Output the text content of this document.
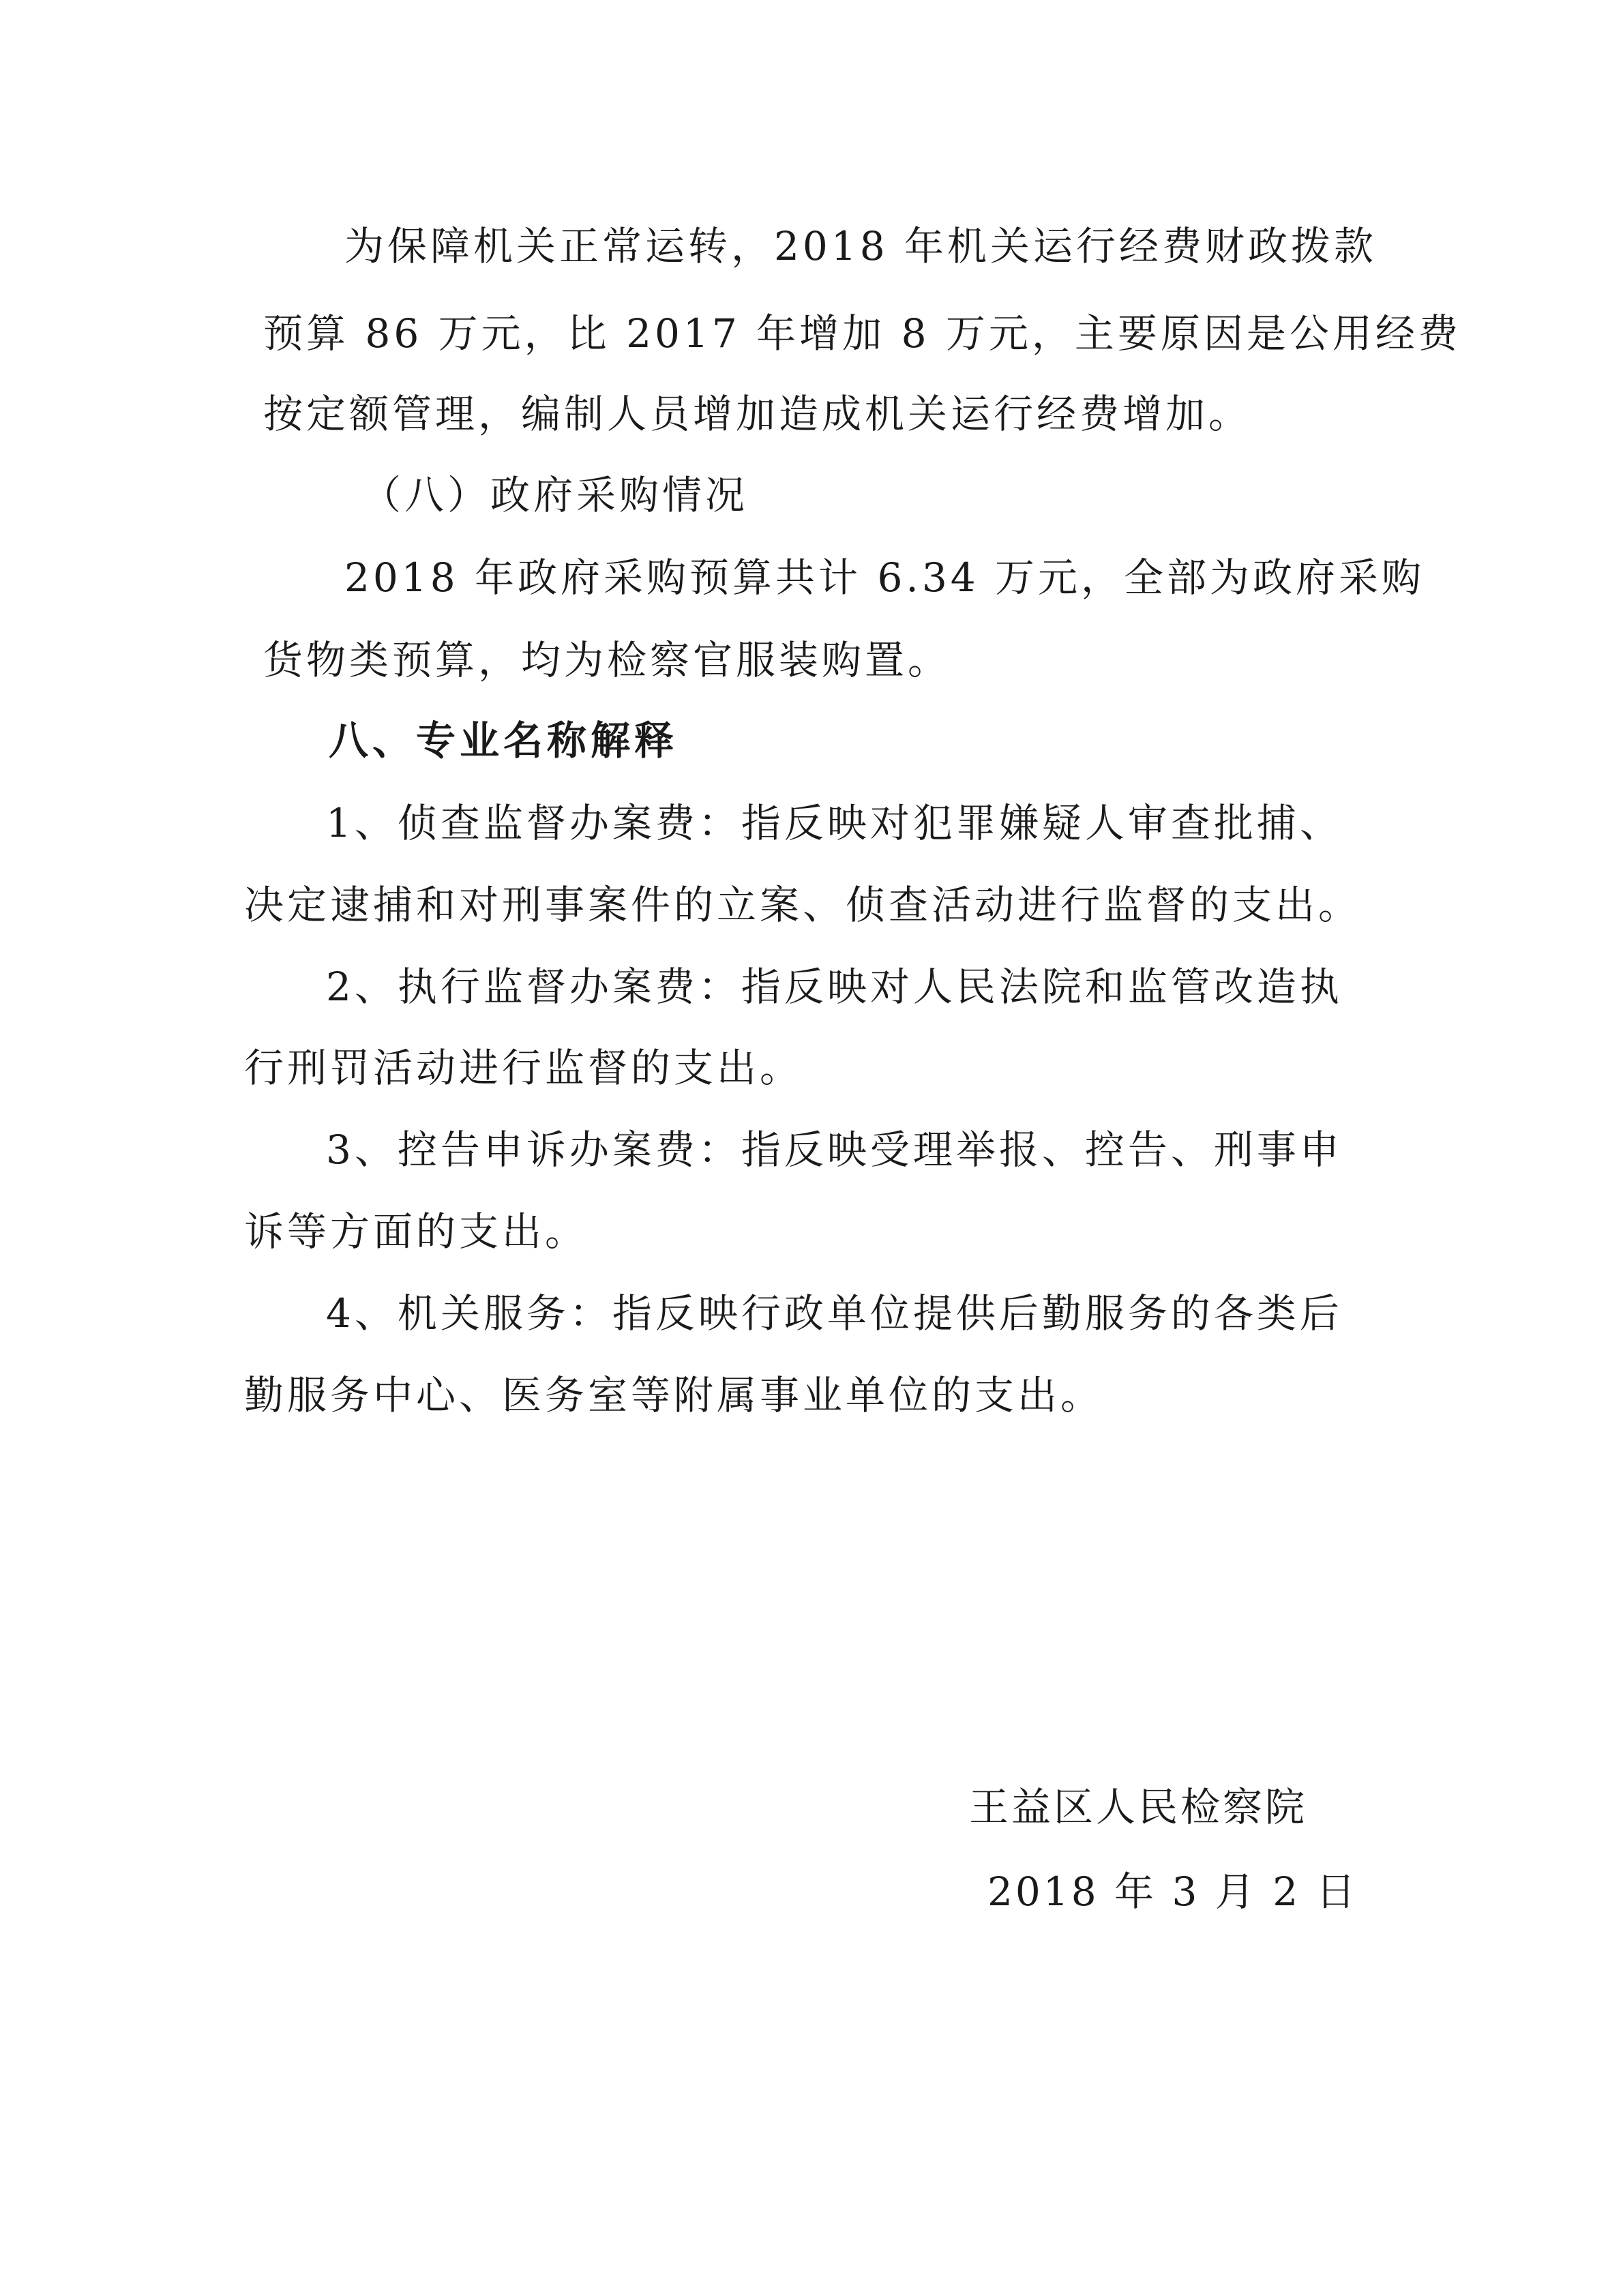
为保障机关正常运转，2018 年机关运行经费财政拨款
预算 86 万元，比 2017 年增加 8 万元，主要原因是公用经费
按定额管理，编制人员增加造成机关运行经费增加。
（八）政府采购情况
2018 年政府采购预算共计 6.34 万元，全部为政府采购
货物类预算，均为检察官服装购置。
八、专业名称解释
1、侦查监督办案费：指反映对犯罪嫌疑人审查批捕、
决定逮捕和对刑事案件的立案、侦查活动进行监督的支出。
2、执行监督办案费：指反映对人民法院和监管改造执
行刑罚活动进行监督的支出。
3、控告申诉办案费：指反映受理举报、控告、刑事申
诉等方面的支出。
4、机关服务：指反映行政单位提供后勤服务的各类后
勤服务中心、医务室等附属事业单位的支出。
王益区人民检察院
2018 年 3 月 2 日
